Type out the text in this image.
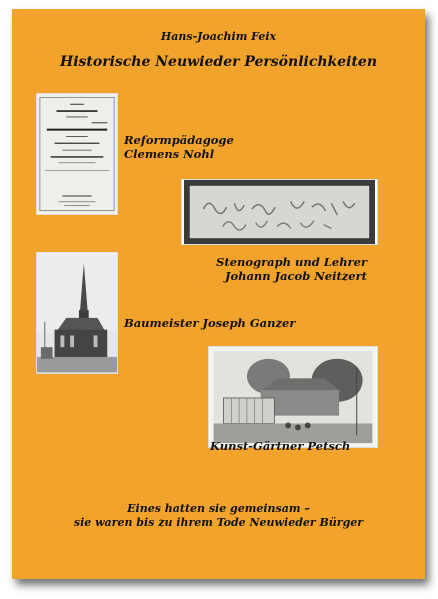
Hans-Joachim Feix
Historische Neuwieder Persönlichkeiten
Reformpädagoge
Clemens Nohl
Stenograph und Lehrer
Johann Jacob Neitzert
Baumeister Joseph Ganzer
Kunst-Gärtner Petsch
Eines hatten sie gemeinsam –
sie waren bis zu ihrem Tode Neuwieder Bürger
